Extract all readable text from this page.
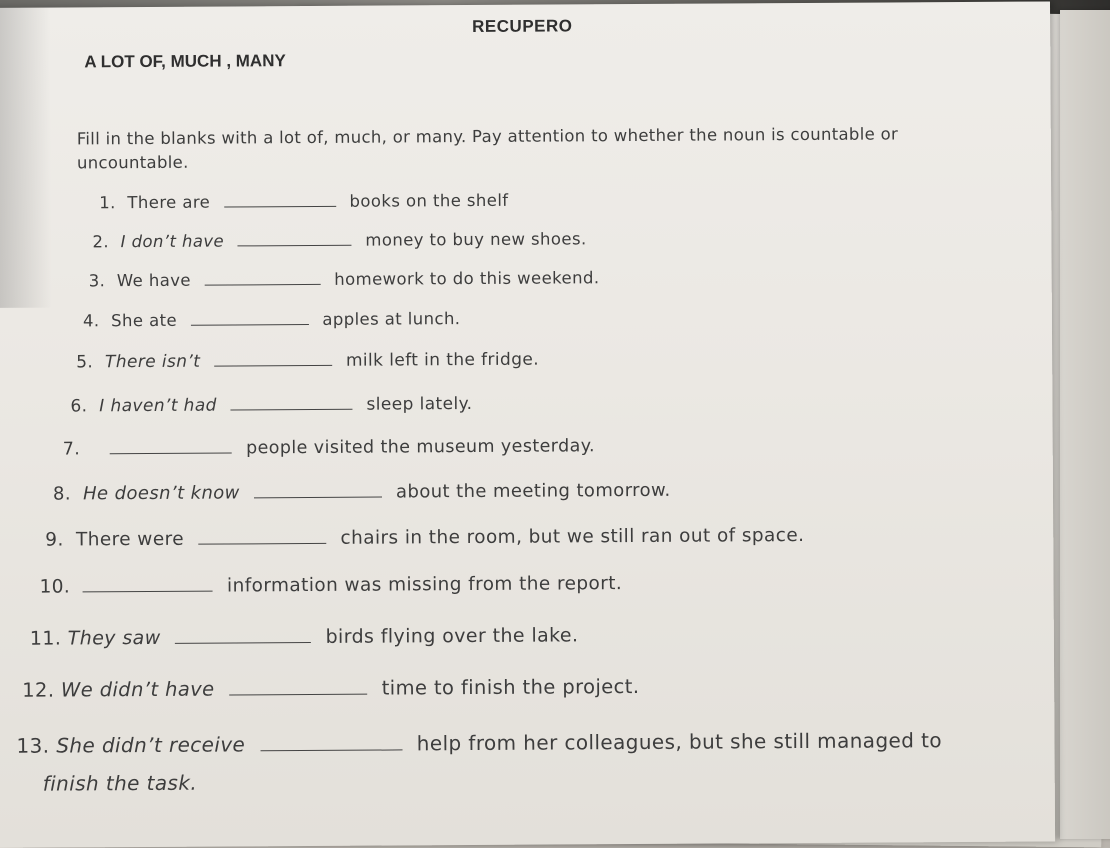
RECUPERO
A LOT OF, MUCH , MANY
Fill in the blanks with a lot of, much, or many. Pay attention to whether the noun is countable or uncountable.
1. There are	books on the shelf
2. I don’t have	money to buy new shoes.
3. We have	homework to do this weekend.
4. She ate	apples at lunch.
5. There isn’t	milk left in the fridge.
6. I haven’t had	sleep lately.
7.	people visited the museum yesterday.
8. He doesn’t know	about the meeting tomorrow.
9. There were	chairs in the room, but we still ran out of space.
10.	information was missing from the report.
11. They saw	birds flying over the lake.
12. We didn’t have	time to finish the project.
13. She didn’t receive	help from her colleagues, but she still managed to
finish the task.
